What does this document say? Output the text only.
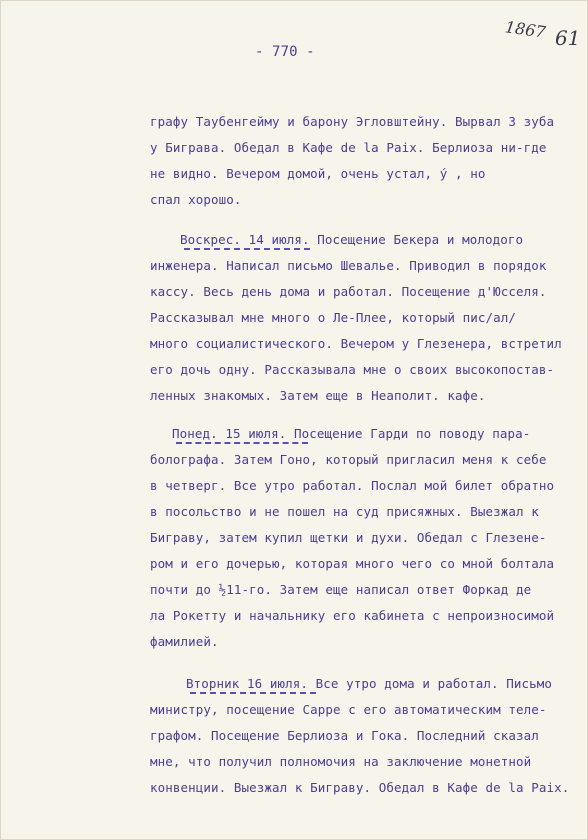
- 770 -
1867 61
графу Таубенгейму и барону Эгловштейну. Вырвал 3 зуба
у Бигрaва. Обедал в Кафе de la Paix. Берлиоза ни-где
не видно. Вечером домой, очень устал, ý , но
спал хорошо.
Воскрес. 14 июля. Посещение Бекера и молодого
инженера. Написал письмо Шевалье. Приводил в порядок
кассу. Весь день дома и работал. Посещение д'Юсселя.
Рассказывал мне много о Ле-Плее, который пис/ал/
много социалистического. Вечером у Глезенера, встретил
его дочь одну. Рассказывала мне о своих высокопостав-
ленных знакомых. Затем еще в Неаполит. кафе.
Понед. 15 июля. Посещение Гарди по поводу пара-
болографа. Затем Гоно, который пригласил меня к себе
в четверг. Все утро работал. Послал мой билет обратно
в посольство и не пошел на суд присяжных. Выезжал к
Бигрaву, затем купил щетки и духи. Обедал с Глезене-
ром и его дочерью, которая много чего со мной болтала
почти до ½11-го. Затем еще написал ответ Форкад де
ла Рокетту и начальнику его кабинета с непроизносимой
фамилией.
Вторник 16 июля. Все утро дома и работал. Письмо
министру, посещение Сарре с его автоматическим теле-
графом. Посещение Берлиоза и Гока. Последний сказал
мне, что получил полномочия на заключение монетной
конвенции. Выезжал к Бигрaву. Обедал в Кафе de la Paix.
